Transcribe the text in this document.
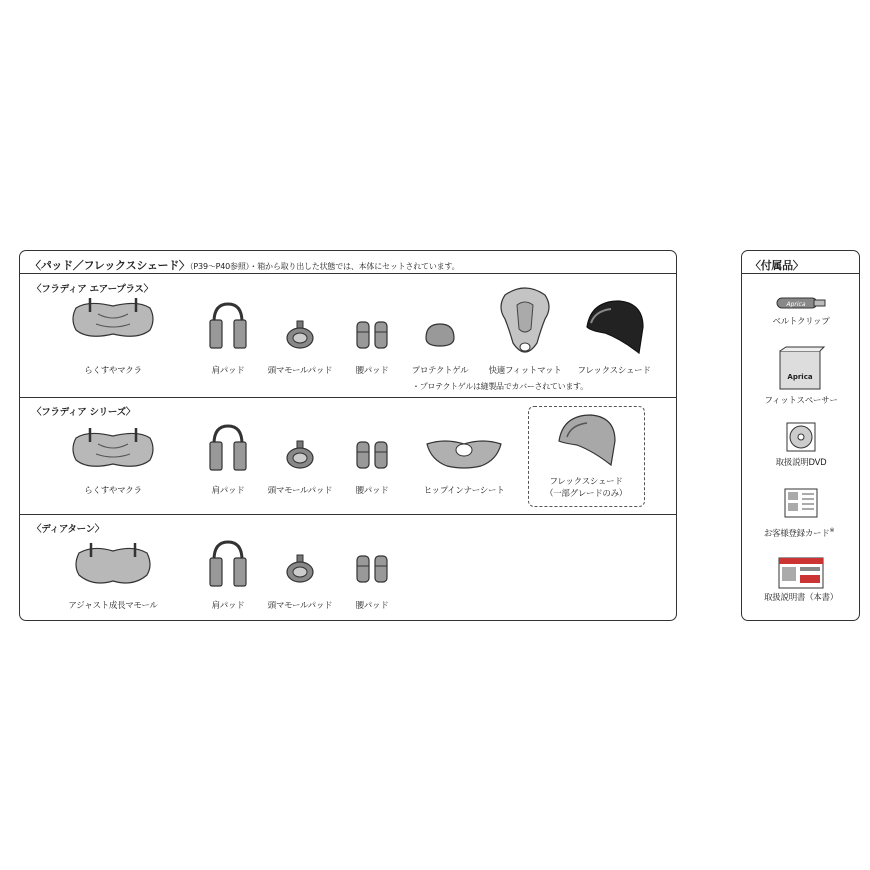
〈パッド／フレックスシェード〉（P39〜P40参照）・箱から取り出した状態では、本体にセットされています。
〈フラディア エアープラス〉
らくすやマクラ	肩パッド	頭マモールパッド	腰パッド	プロテクトゲル 快適フィットマット フレックスシェード
・プロテクトゲルは縫製品でカバーされています。
〈フラディア シリーズ〉
らくすやマクラ	肩パッド	頭マモールパッド	腰パッド	ヒップインナーシート
フレックスシェード
（一部グレードのみ）
〈ディアターン〉
アジャスト成長マモール	肩パッド	頭マモールパッド	腰パッド
〈付属品〉
Aprica
ベルトクリップ
Aprica
フィットスペーサー
取扱説明DVD
お客様登録カード※
取扱説明書（本書）
